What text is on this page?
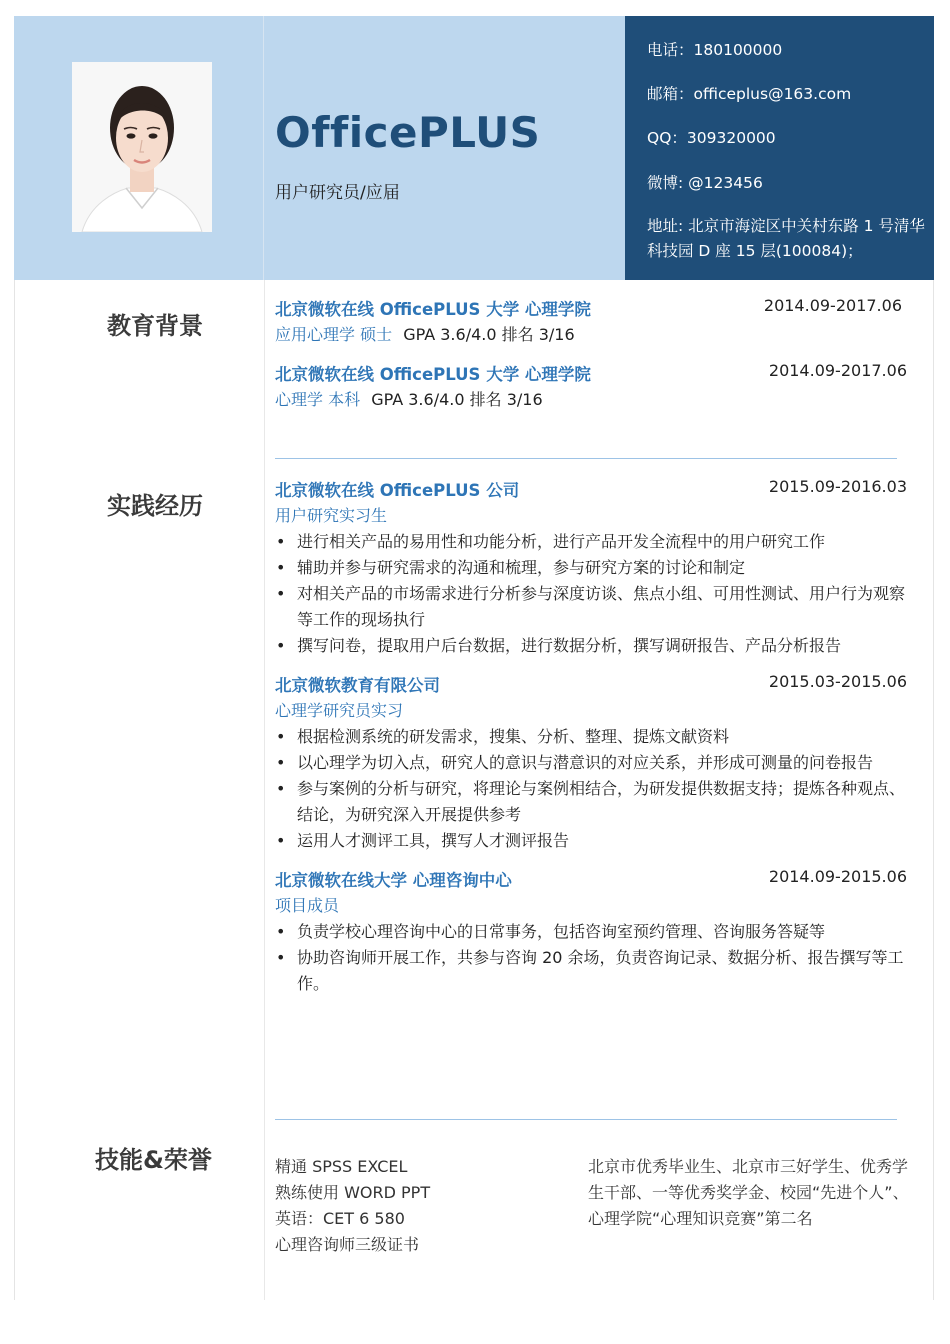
OfficePLUS
用户研究员/应届
电话：180100000
邮箱：officeplus@163.com
QQ：309320000
微博: @123456
地址: 北京市海淀区中关村东路 1 号清华科技园 D 座 15 层(100084)；
教育背景
北京微软在线 OfficePLUS 大学 心理学院	2014.09-2017.06
应用心理学 硕士 GPA 3.6/4.0 排名 3/16
北京微软在线 OfficePLUS 大学 心理学院	2014.09-2017.06
心理学 本科 GPA 3.6/4.0 排名 3/16
实践经历
北京微软在线 OfficePLUS 公司	2015.09-2016.03
用户研究实习生
• 进行相关产品的易用性和功能分析，进行产品开发全流程中的用户研究工作
• 辅助并参与研究需求的沟通和梳理，参与研究方案的讨论和制定
• 对相关产品的市场需求进行分析参与深度访谈、焦点小组、可用性测试、用户行为观察等工作的现场执行
• 撰写问卷，提取用户后台数据，进行数据分析，撰写调研报告、产品分析报告
北京微软教育有限公司	2015.03-2015.06
心理学研究员实习
• 根据检测系统的研发需求，搜集、分析、整理、提炼文献资料
• 以心理学为切入点，研究人的意识与潜意识的对应关系，并形成可测量的问卷报告
• 参与案例的分析与研究，将理论与案例相结合，为研发提供数据支持；提炼各种观点、结论，为研究深入开展提供参考
• 运用人才测评工具，撰写人才测评报告
北京微软在线大学 心理咨询中心	2014.09-2015.06
项目成员
• 负责学校心理咨询中心的日常事务，包括咨询室预约管理、咨询服务答疑等
• 协助咨询师开展工作，共参与咨询 20 余场，负责咨询记录、数据分析、报告撰写等工作。
技能&荣誉	精通 SPSS EXCEL
熟练使用 WORD PPT
英语：CET 6 580
心理咨询师三级证书
北京市优秀毕业生、北京市三好学生、优秀学生干部、一等优秀奖学金、校园“先进个人”、心理学院“心理知识竞赛”第二名
